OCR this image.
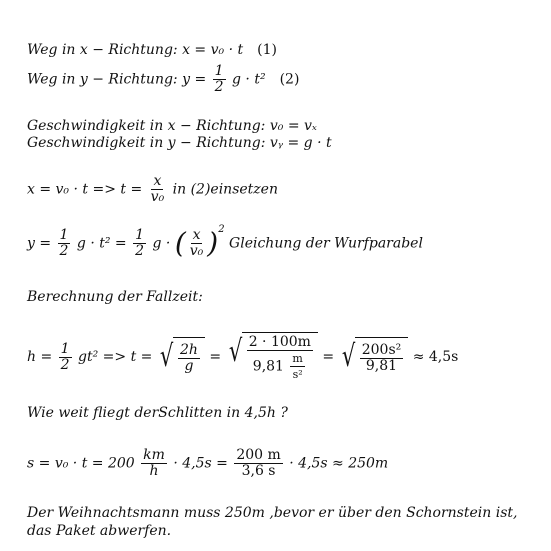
Weg in x − Richtung: x = v₀ · t (1)
Weg in y − Richtung: $y = \frac{1}{2}$ g · t² (2)
Geschwindigkeit in x − Richtung: v₀ = vₓ
Geschwindigkeit in y − Richtung: vᵧ = g · t
$x = v_0 \cdot t => t = \frac{x}{\text{v₀}}$ in (2)einsetzen
$y = \frac{1}{2}$ $g \cdot t^2 = \frac{1}{2}$ g · ( $\frac{x}{\text{v₀}} )^2$ Gleichung der Wurfparabel
Berechnung der Fallzeit:
$h = \frac{1}{2} gt^2 => t$ = √ $\frac{2h}{g}$ = √ $\frac{2 \cdot 100m}{9,81 \frac{m}{\text{s²}}}$ = √ $\frac{\text{200s²}}{9,81} \approx 4,5s$
Wie weit fliegt derSchlitten in 4,5h ?
$s = v_0 \cdot t = 200 \frac{km}{h} \cdot 4,5s = \frac{200 m}{3,6 s} \cdot 4,5s \approx 250m$
Der Weihnachtsmann muss 250m ,bevor er über den Schornstein ist,
das Paket abwerfen.
